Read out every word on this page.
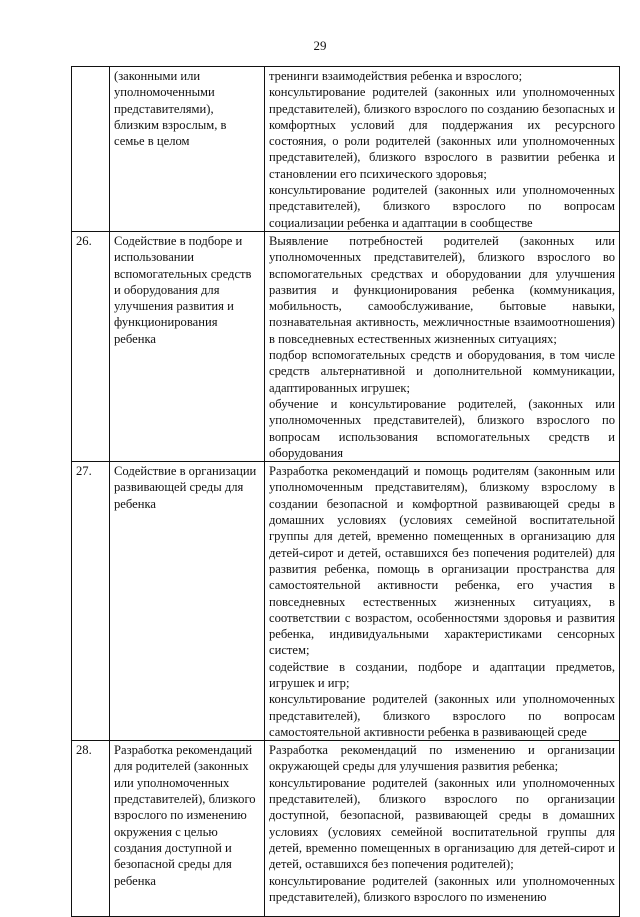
29
	(законными или уполномоченными представителями), близким взрослым, в семье в целом	тренинги взаимодействия ребенка и взрослого;

консультирование родителей (законных или уполномоченных представителей), близкого взрослого по созданию безопасных и комфортных условий для поддержания их ресурсного состояния, о роли родителей (законных или уполномоченных представителей), близкого взрослого в развитии ребенка и становлении его психического здоровья;

консультирование родителей (законных или уполномоченных представителей), близкого взрослого по вопросам социализации ребенка и адаптации в сообществе

26.	Содействие в подборе и использовании вспомогательных средств и оборудования для улучшения развития и функционирования ребенка	Выявление потребностей родителей (законных или уполномоченных представителей), близкого взрослого во вспомогательных средствах и оборудовании для улучшения развития и функционирования ребенка (коммуникация, мобильность, самообслуживание, бытовые навыки, познавательная активность, межличностные взаимоотношения) в повседневных естественных жизненных ситуациях;

подбор вспомогательных средств и оборудования, в том числе средств альтернативной и дополнительной коммуникации, адаптированных игрушек;

обучение и консультирование родителей, (законных или уполномоченных представителей), близкого взрослого по вопросам использования вспомогательных средств и оборудования

27.	Содействие в организации развивающей среды для ребенка	Разработка рекомендаций и помощь родителям (законным или уполномоченным представителям), близкому взрослому в создании безопасной и комфортной развивающей среды в домашних условиях (условиях семейной воспитательной группы для детей, временно помещенных в организацию для детей-сирот и детей, оставшихся без попечения родителей) для развития ребенка, помощь в организации пространства для самостоятельной активности ребенка, его участия в повседневных естественных жизненных ситуациях, в соответствии с возрастом, особенностями здоровья и развития ребенка, индивидуальными характеристиками сенсорных систем;

содействие в создании, подборе и адаптации предметов, игрушек и игр;

консультирование родителей (законных или уполномоченных представителей), близкого взрослого по вопросам самостоятельной активности ребенка в развивающей среде

28.	Разработка рекомендаций для родителей (законных или уполномоченных представителей), близкого взрослого по изменению окружения с целью создания доступной и безопасной среды для ребенка	Разработка рекомендаций по изменению и организации окружающей среды для улучшения развития ребенка;

консультирование родителей (законных или уполномоченных представителей), близкого взрослого по организации доступной, безопасной, развивающей среды в домашних условиях (условиях семейной воспитательной группы для детей, временно помещенных в организацию для детей-сирот и детей, оставшихся без попечения родителей);

консультирование родителей (законных или уполномоченных представителей), близкого взрослого по изменению
